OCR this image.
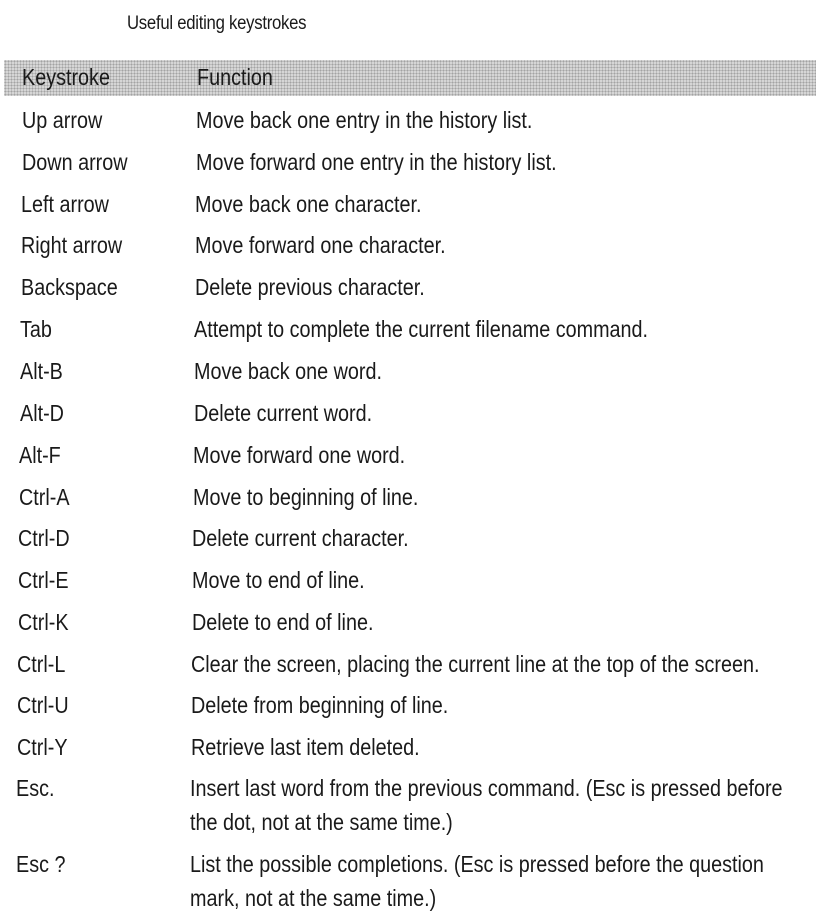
Useful editing keystrokes
Keystroke	Function
Up arrow	Move back one entry in the history list.
Down arrow	Move forward one entry in the history list.
Left arrow	Move back one character.
Right arrow	Move forward one character.
Backspace	Delete previous character.
Tab	Attempt to complete the current filename command.
Alt-B	Move back one word.
Alt-D	Delete current word.
Alt-F	Move forward one word.
Ctrl-A	Move to beginning of line.
Ctrl-D	Delete current character.
Ctrl-E	Move to end of line.
Ctrl-K	Delete to end of line.
Ctrl-L	Clear the screen, placing the current line at the top of the screen.
Ctrl-U	Delete from beginning of line.
Ctrl-Y	Retrieve last item deleted.
Esc.	Insert last word from the previous command. (Esc is pressed before
the dot, not at the same time.)
Esc ?	List the possible completions. (Esc is pressed before the question
mark, not at the same time.)
